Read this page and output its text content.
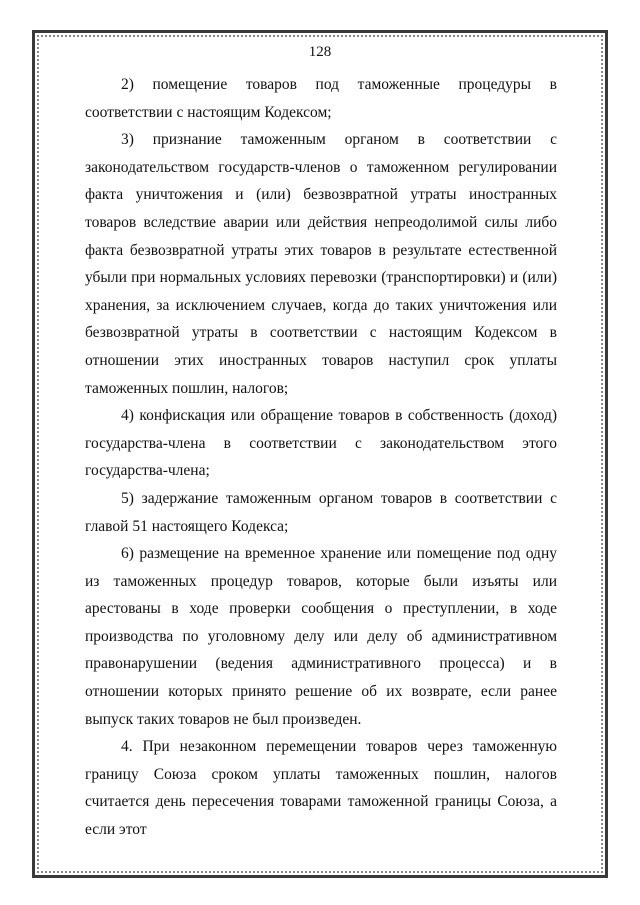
128

2) помещение товаров под таможенные процедуры в соответствии с настоящим Кодексом;

3) признание таможенным органом в соответствии с законодательством государств-членов о таможенном регулировании факта уничтожения и (или) безвозвратной утраты иностранных товаров вследствие аварии или действия непреодолимой силы либо факта безвозвратной утраты этих товаров в результате естественной убыли при нормальных условиях перевозки (транспортировки) и (или) хранения, за исключением случаев, когда до таких уничтожения или безвозвратной утраты в соответствии с настоящим Кодексом в отношении этих иностранных товаров наступил срок уплаты таможенных пошлин, налогов;

4) конфискация или обращение товаров в собственность (доход) государства-члена в соответствии с законодательством этого государства-члена;

5) задержание таможенным органом товаров в соответствии с главой 51 настоящего Кодекса;

6) размещение на временное хранение или помещение под одну из таможенных процедур товаров, которые были изъяты или арестованы в ходе проверки сообщения о преступлении, в ходе производства по уголовному делу или делу об административном правонарушении (ведения административного процесса) и в отношении которых принято решение об их возврате, если ранее выпуск таких товаров не был произведен.

4. При незаконном перемещении товаров через таможенную границу Союза сроком уплаты таможенных пошлин, налогов считается день пересечения товарами таможенной границы Союза, а если этот
